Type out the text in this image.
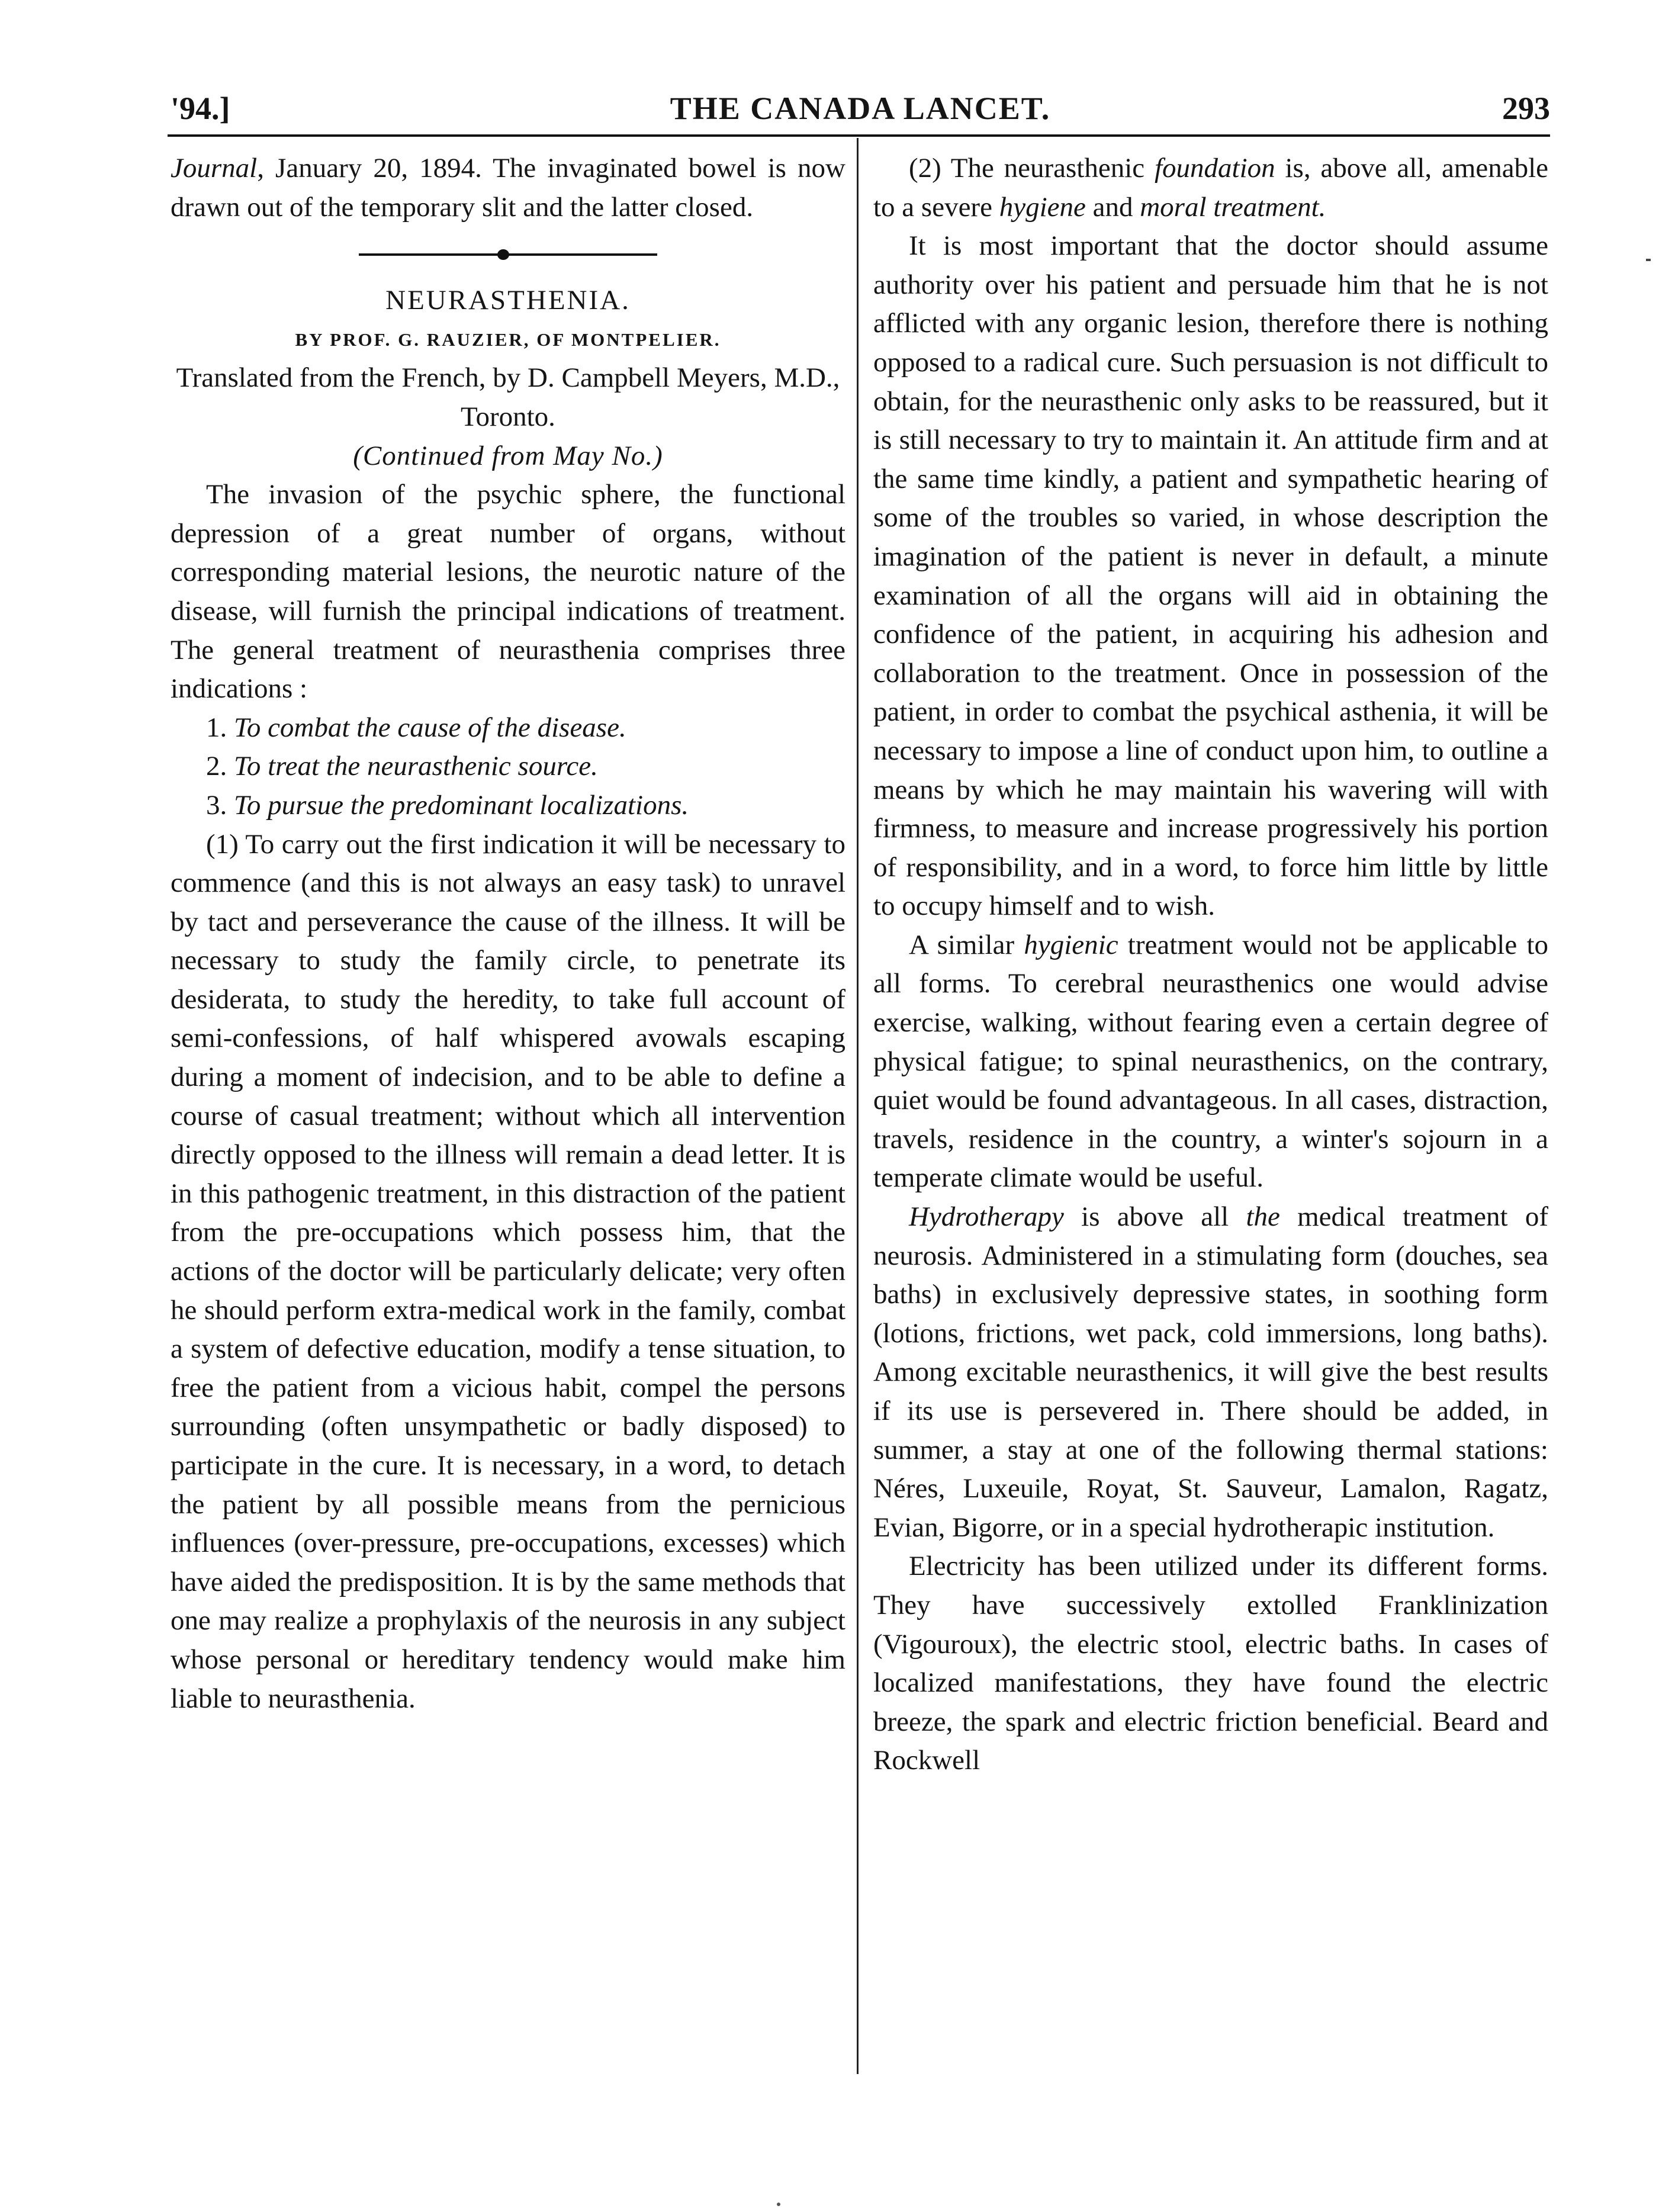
'94.]	THE CANADA LANCET.	293

Journal, January 20, 1894. The invaginated bowel is now drawn out of the temporary slit and the latter closed.

NEURASTHENIA.

BY PROF. G. RAUZIER, OF MONTPELIER.

Translated from the French, by D. Campbell Meyers, M.D., Toronto.

(Continued from May No.)

The invasion of the psychic sphere, the functional depression of a great number of organs, without corresponding material lesions, the neurotic nature of the disease, will furnish the principal indications of treatment. The general treatment of neurasthenia comprises three indications :

1. To combat the cause of the disease.

2. To treat the neurasthenic source.

3. To pursue the predominant localizations.

(1) To carry out the first indication it will be necessary to commence (and this is not always an easy task) to unravel by tact and perseverance the cause of the illness. It will be necessary to study the family circle, to penetrate its desiderata, to study the heredity, to take full account of semi-confessions, of half whispered avowals escaping during a moment of indecision, and to be able to define a course of casual treatment; without which all intervention directly opposed to the illness will remain a dead letter. It is in this pathogenic treatment, in this distraction of the patient from the pre-occupations which possess him, that the actions of the doctor will be particularly delicate; very often he should perform extra-medical work in the family, combat a system of defective education, modify a tense situation, to free the patient from a vicious habit, compel the persons surrounding (often unsympathetic or badly disposed) to participate in the cure. It is necessary, in a word, to detach the patient by all possible means from the pernicious influences (over-pressure, pre-occupations, excesses) which have aided the predisposition. It is by the same methods that one may realize a prophylaxis of the neurosis in any subject whose personal or hereditary tendency would make him liable to neurasthenia.

(2) The neurasthenic foundation is, above all, amenable to a severe hygiene and moral treatment.

It is most important that the doctor should assume authority over his patient and persuade him that he is not afflicted with any organic lesion, therefore there is nothing opposed to a radical cure. Such persuasion is not difficult to obtain, for the neurasthenic only asks to be reassured, but it is still necessary to try to maintain it. An attitude firm and at the same time kindly, a patient and sympathetic hearing of some of the troubles so varied, in whose description the imagination of the patient is never in default, a minute examination of all the organs will aid in obtaining the confidence of the patient, in acquiring his adhesion and collaboration to the treatment. Once in possession of the patient, in order to combat the psychical asthenia, it will be necessary to impose a line of conduct upon him, to outline a means by which he may maintain his wavering will with firmness, to measure and increase progressively his portion of responsibility, and in a word, to force him little by little to occupy himself and to wish.

A similar hygienic treatment would not be applicable to all forms. To cerebral neurasthenics one would advise exercise, walking, without fearing even a certain degree of physical fatigue; to spinal neurasthenics, on the contrary, quiet would be found advantageous. In all cases, distraction, travels, residence in the country, a winter's sojourn in a temperate climate would be useful.

Hydrotherapy is above all the medical treatment of neurosis. Administered in a stimulating form (douches, sea baths) in exclusively depressive states, in soothing form (lotions, frictions, wet pack, cold immersions, long baths). Among excitable neurasthenics, it will give the best results if its use is persevered in. There should be added, in summer, a stay at one of the following thermal stations: Néres, Luxeuile, Royat, St. Sauveur, Lamalon, Ragatz, Evian, Bigorre, or in a special hydrotherapic institution.

Electricity has been utilized under its different forms. They have successively extolled Franklinization (Vigouroux), the electric stool, electric baths. In cases of localized manifestations, they have found the electric breeze, the spark and electric friction beneficial. Beard and Rockwell
